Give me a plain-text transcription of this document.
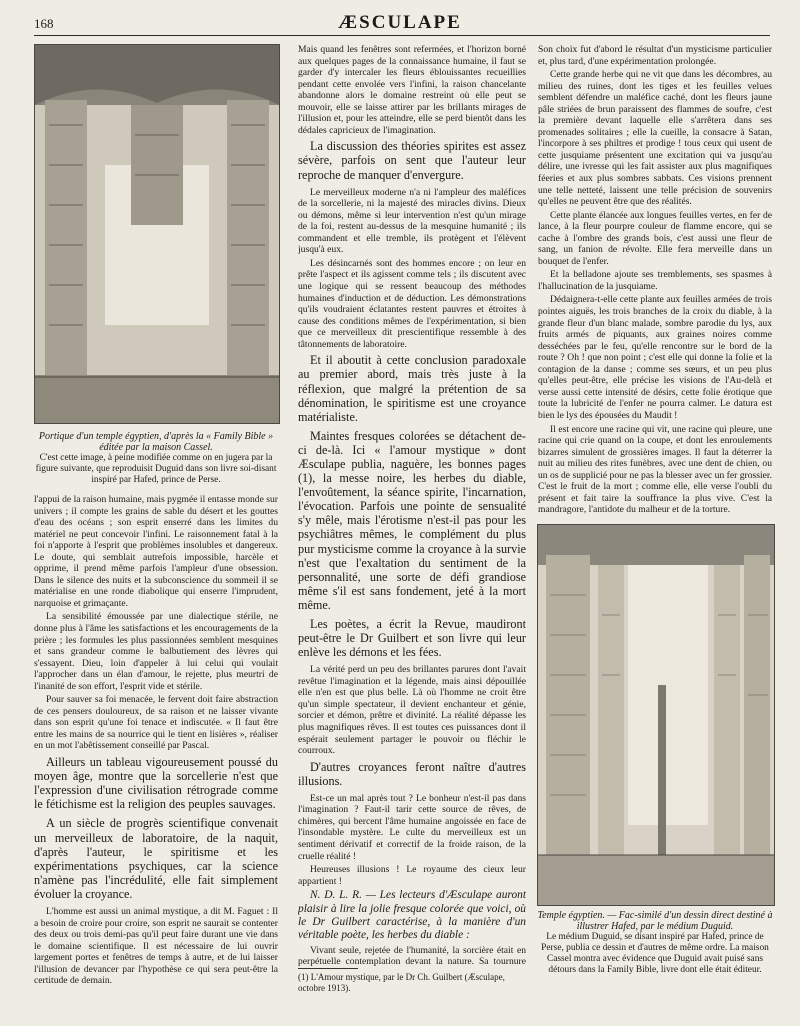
168	ÆSCULAPE
Portique d'un temple égyptien, d'après la « Family Bible » éditée par la maison Cassel.
C'est cette image, à peine modifiée comme on en jugera par la figure suivante, que reproduisit Duguid dans son livre soi-disant inspiré par Hafed, prince de Perse.

l'appui de la raison humaine, mais pygmée il entasse monde sur univers ; il compte les grains de sable du désert et les gouttes d'eau des océans ; son esprit enserré dans les limites du matériel ne peut concevoir l'infini. Le raisonnement fatal à la foi n'apporte à l'esprit que problèmes insolubles et dangereux. Le doute, qui semblait autrefois impossible, harcèle et opprime, il prend même parfois l'ampleur d'une obsession. Dans le silence des nuits et la subconscience du sommeil il se matérialise en une ronde diabolique qui enserre l'imprudent, narquoise et grimaçante.

La sensibilité émoussée par une dialectique stérile, ne donne plus à l'âme les satisfactions et les encouragements de la prière ; les formules les plus passionnées semblent mesquines et sans grandeur comme le balbutiement des lèvres qui s'essayent. Dieu, loin d'appeler à lui celui qui voulait l'approcher dans un élan d'amour, le rejette, plus meurtri de l'inanité de son effort, l'esprit vide et stérile.

Pour sauver sa foi menacée, le fervent doit faire abstraction de ces pensers douloureux, de sa raison et ne laisser vivante dans son esprit qu'une foi tenace et indiscutée. « Il faut être entre les mains de sa nourrice qui le tient en lisières », réaliser en un mot l'abêtissement conseillé par Pascal.

Ailleurs un tableau vigoureusement poussé du moyen âge, montre que la sorcellerie n'est que l'expression d'une civilisation rétrograde comme le fétichisme est la religion des peuples sauvages.

A un siècle de progrès scientifique convenait un merveilleux de laboratoire, de la naquit, d'après l'auteur, le spiritisme et les expérimentations psychiques, car la science n'amène pas l'incrédulité, elle fait simplement évoluer la croyance.

L'homme est aussi un animal mystique, a dit M. Faguet : Il a besoin de croire pour croire, son esprit ne saurait se contenter des deux ou trois demi-pas qu'il peut faire durant une vie dans le domaine scientifique. Il est nécessaire de lui ouvrir largement portes et fenêtres de temps à autre, et de lui laisser l'illusion de devancer par l'hypothèse ce qui sera peut-être la certitude de demain.

Mais quand les fenêtres sont refermées, et l'horizon borné aux quelques pages de la connaissance humaine, il faut se garder d'y intercaler les fleurs éblouissantes recueillies pendant cette envolée vers l'infini, la raison chancelante abandonne alors le domaine restreint où elle peut se mouvoir, elle se laisse attirer par les brillants mirages de l'illusion et, pour les atteindre, elle se perd bientôt dans les dédales capricieux de l'imagination.

La discussion des théories spirites est assez sévère, parfois on sent que l'auteur leur reproche de manquer d'envergure.

Le merveilleux moderne n'a ni l'ampleur des maléfices de la sorcellerie, ni la majesté des miracles divins. Dieux ou démons, même si leur intervention n'est qu'un mirage de la foi, restent au-dessus de la mesquine humanité ; ils commandent et elle tremble, ils protègent et l'élèvent jusqu'à eux.

Les désincarnés sont des hommes encore ; on leur en prête l'aspect et ils agissent comme tels ; ils discutent avec une logique qui se ressent beaucoup des méthodes humaines d'induction et de déduction. Les démonstrations qu'ils voudraient éclatantes restent pauvres et étroites à cause des conditions mêmes de l'expérimentation, si bien que ce merveilleux dit prescientifique ressemble à des tâtonnements de laboratoire.

Et il aboutit à cette conclusion paradoxale au premier abord, mais très juste à la réflexion, que malgré la prétention de sa dénomination, le spiritisme est une croyance matérialiste.

Maintes fresques colorées se détachent de-ci de-là. Ici « l'amour mystique » dont Æsculape publia, naguère, les bonnes pages (1), la messe noire, les herbes du diable, l'envoûtement, la séance spirite, l'incarnation, l'évocation. Parfois une pointe de sensualité s'y mêle, mais l'érotisme n'est-il pas pour les psychiâtres mêmes, le complément du plus pur mysticisme comme la croyance à la survie n'est que l'exaltation du sentiment de la personnalité, une sorte de défi grandiose même s'il est sans fondement, jeté à la mort même.

Les poètes, a écrit la Revue, maudiront peut-être le Dr Guilbert et son livre qui leur enlève les démons et les fées.

La vérité perd un peu des brillantes parures dont l'avait revêtue l'imagination et la légende, mais ainsi dépouillée elle n'en est que plus belle. Là où l'homme ne croit être qu'un simple spectateur, il devient enchanteur et génie, sorcier et démon, prêtre et divinité. La réalité dépasse les plus magnifiques rêves. Il est toutes ces puissances dont il espérait seulement partager le pouvoir ou fléchir le courroux.

D'autres croyances feront naître d'autres illusions.

Est-ce un mal après tout ? Le bonheur n'est-il pas dans l'imagination ? Faut-il tarir cette source de rêves, de chimères, qui bercent l'âme humaine angoissée en face de l'insondable mystère. Le culte du merveilleux est un sentiment dérivatif et correctif de la froide raison, de la cruelle réalité !

Heureuses illusions ! Le royaume des cieux leur appartient !

N. D. L. R. — Les lecteurs d'Æsculape auront plaisir à lire la jolie fresque colorée que voici, où le Dr Guilbert caractérise, à la manière d'un véritable poète, les herbes du diable :

Vivant seule, rejetée de l'humanité, la sorcière était en perpétuelle contemplation devant la nature. Sa tournure

(1) L'Amour mystique, par le Dr Ch. Guilbert (Æsculape, octobre 1913).

Son choix fut d'abord le résultat d'un mysticisme particulier et, plus tard, d'une expérimentation prolongée.

Cette grande herbe qui ne vit que dans les décombres, au milieu des ruines, dont les tiges et les feuilles velues semblent défendre un maléfice caché, dont les fleurs jaune pâle striées de brun paraissent des flammes de soufre, c'est la première devant laquelle elle s'arrêtera dans ses promenades solitaires ; elle la cueille, la consacre à Satan, l'incorpore à ses philtres et prodige ! tous ceux qui usent de cette jusquiame présentent une excitation qui va jusqu'au délire, une ivresse qui les fait assister aux plus magnifiques féeries et aux plus sombres sabbats. Ces visions prennent une telle netteté, laissent une telle précision de souvenirs qu'elles ne peuvent être que des réalités.

Cette plante élancée aux longues feuilles vertes, en fer de lance, à la fleur pourpre couleur de flamme encore, qui se cache à l'ombre des grands bois, c'est aussi une fleur de sang, un fanion de révolte. Elle fera merveille dans un bouquet de l'enfer.

Et la belladone ajoute ses tremblements, ses spasmes à l'hallucination de la jusquiame.

Dédaignera-t-elle cette plante aux feuilles armées de trois pointes aiguës, les trois branches de la croix du diable, à la grande fleur d'un blanc malade, sombre parodie du lys, aux fruits armés de piquants, aux graines noires comme desséchées par le feu, qu'elle rencontre sur le bord de la route ? Oh ! que non point ; c'est elle qui donne la folie et la contagion de la danse ; comme ses sœurs, et un peu plus qu'elles peut-être, elle précise les visions de l'Au-delà et verse aussi cette intensité de désirs, cette folie érotique que toute la lubricité de l'enfer ne pourra calmer. Le datura est bien le lys des épousées du Maudit !

Il est encore une racine qui vit, une racine qui pleure, une racine qui crie quand on la coupe, et dont les enroulements bizarres simulent de grossières images. Il faut la déterrer la nuit au milieu des rites funèbres, avec une dent de chien, ou un os de supplicié pour ne pas la blesser avec un fer grossier. C'est le fruit de la mort ; comme elle, elle verse l'oubli du présent et fait taire la souffrance la plus vive. C'est la mandragore, l'antidote du malheur et de la torture.

Temple égyptien. — Fac-similé d'un dessin direct destiné à illustrer Hafed, par le médium Duguid.
Le médium Duguid, se disant inspiré par Hafed, prince de Perse, publia ce dessin et d'autres de même ordre. La maison Cassel montra avec évidence que Duguid avait puisé sans détours dans la Family Bible, livre dont elle était éditeur.
